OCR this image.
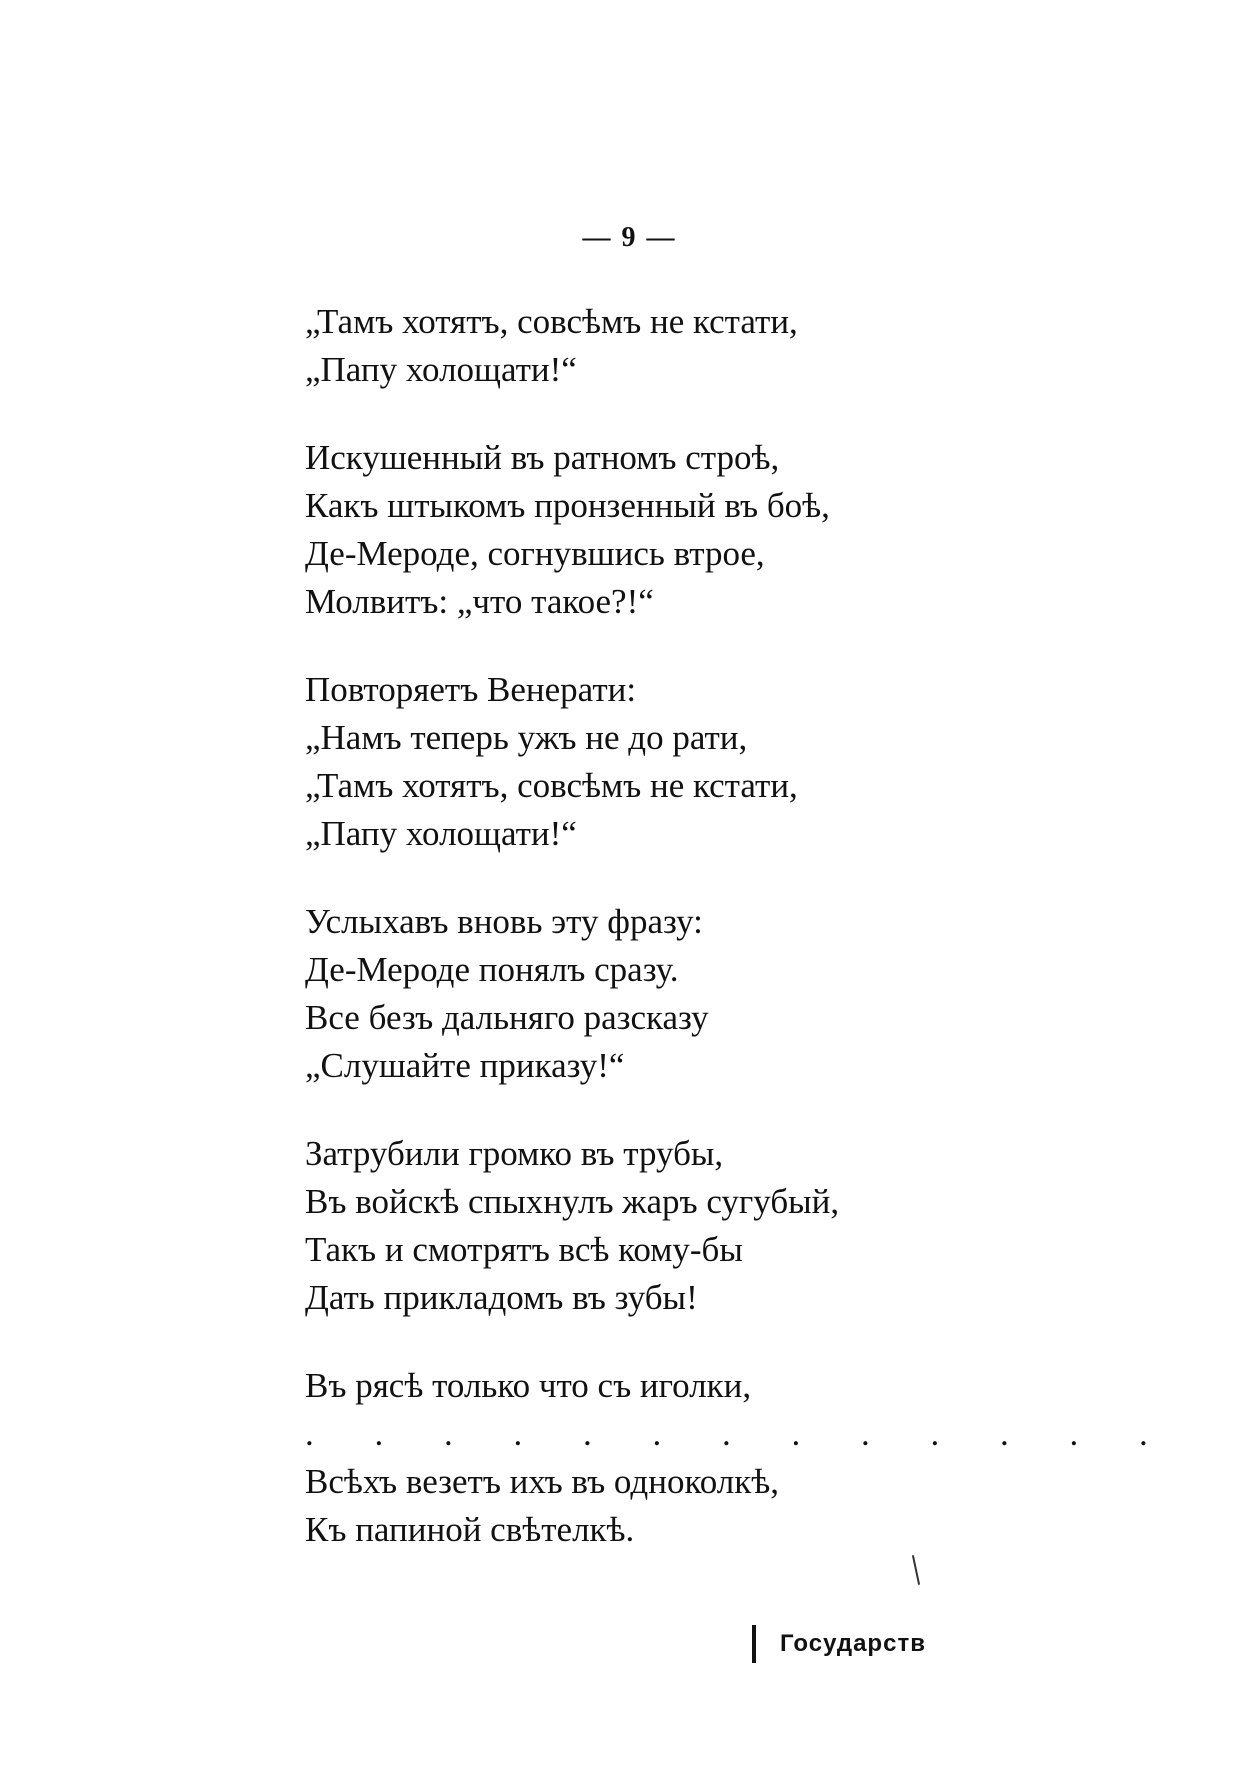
— 9 —
„Тамъ хотятъ, совсѣмъ не кстати,
„Папу холощати!“
Искушенный въ ратномъ строѣ,
Какъ штыкомъ пронзенный въ боѣ,
Де-Мероде, согнувшись втрое,
Молвитъ: „что такое?!“
Повторяетъ Венерати:
„Намъ теперь ужъ не до рати,
„Тамъ хотятъ, совсѣмъ не кстати,
„Папу холощати!“
Услыхавъ вновь эту фразу:
Де-Мероде понялъ сразу.
Все безъ дальняго разсказу
„Слушайте приказу!“
Затрубили громко въ трубы,
Въ войскѣ спыхнулъ жаръ сугубый,
Такъ и смотрятъ всѣ кому-бы
Дать прикладомъ въ зубы!
Въ рясѣ только что съ иголки,
. . . . . . . . . . . . .
Всѣхъ везетъ ихъ въ одноколкѣ,
Къ папиной свѣтелкѣ.
Государств
